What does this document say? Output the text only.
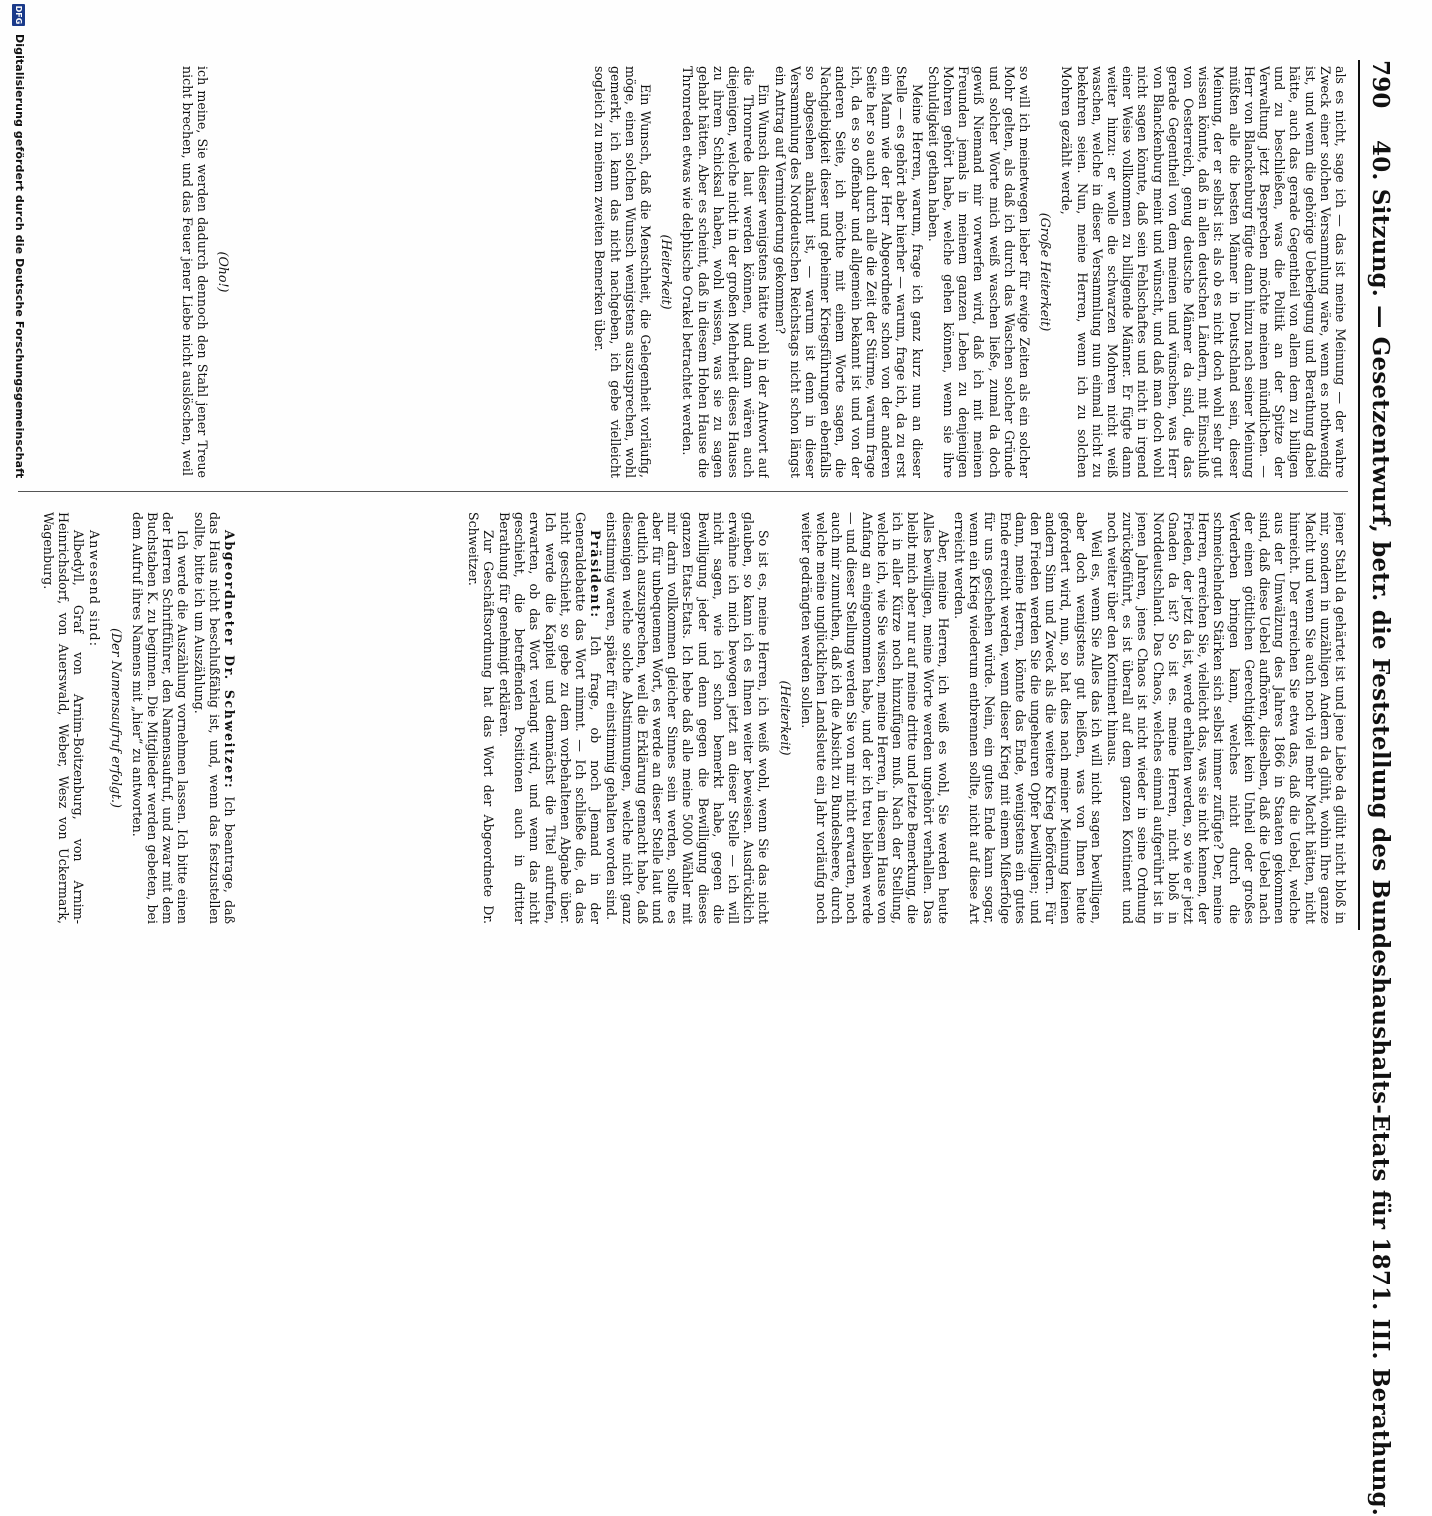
790
40. Sitzung. — Gesetzentwurf, betr. die Feststellung des Bundeshaushalts-Etats für 1871. III. Berathung.

als es nicht, sage ich — das ist meine Meinung — der wahre Zweck einer solchen Versammlung wäre, wenn es nothwendig ist, und wenn die gehörige Ueberlegung und Berathung dabei hätte, auch das gerade Gegentheil von allem dem zu billigen und zu beschließen, was die Politik an der Spitze der Verwaltung jetzt Besprechen möchte meinen mündlichen. — Herr von Blanckenburg fügte dann hinzu nach seiner Meinung müßten alle die besten Männer in Deutschland sein, dieser Meinung, der er selbst ist: als ob es nicht doch wohl sehr gut wissen könnte, daß in allen deutschen Ländern, mit Einschluß von Oesterreich, genug deutsche Männer da sind, die das gerade Gegentheil von dem meinen und wünschen, was Herr von Blanckenburg meint und wünscht, und daß man doch wohl nicht sagen könnte, daß sein Fehlschaftes und nicht in irgend einer Weise vollkommen zu billigende Männer. Er fügte dann weiter hinzu: er wolle die schwarzen Mohren nicht weiß waschen, welche in dieser Versammlung nun einmal nicht zu bekehren seien. Nun, meine Herren, wenn ich zu solchen Mohren gezählt werde,

(Große Heiterkeit)

so will ich meinetwegen lieber für ewige Zeiten als ein solcher Mohr gelten, als daß ich durch das Waschen solcher Gründe und solcher Worte mich weiß waschen ließe, zumal da doch gewiß Niemand mir vorwerfen wird, daß ich mit meinen Freunden jemals in meinem ganzen Leben zu denjenigen Mohren gehört habe, welche gehen können, wenn sie ihre Schuldigkeit gethan haben.

Meine Herren, warum, frage ich ganz kurz nun an dieser Stelle — es gehört aber hierher — warum, frage ich, da zu erst ein Mann wie der Herr Abgeordnete schon von der anderen Seite her so auch durch alle die Zeit der Stürme, warum frage ich, da es so offenbar und allgemein bekannt ist und von der anderen Seite, ich möchte mit einem Worte sagen, die Nachgiebigkeit dieser und geheimer Kriegsführungen ebenfalls so abgesehen ankannt ist, — warum ist denn in dieser Versammlung des Norddeutschen Reichstags nicht schon längst ein Antrag auf Verminderung gekommen?

Ein Wunsch dieser wenigstens hätte wohl in der Antwort auf die Thronrede laut werden können, und dann wären auch diejenigen, welche nicht in der großen Mehrheit dieses Hauses zu ihrem Schicksal haben, wohl wissen, was sie zu sagen gehabt hätten. Aber es scheint, daß in diesem Hohen Hause die Thronreden etwas wie delphische Orakel betrachtet werden.

(Heiterkeit)

Ein Wunsch, daß die Menschheit, die Gelegenheit vorläufig, möge, einen solchen Wunsch wenigstens auszusprechen, wohl gemerkt, ich kann das nicht nachgeben, ich gebe vielleicht sogleich zu meinem zweiten Bemerken über.

(Oho!)

ich meine, Sie werden dadurch dennoch den Stahl jener Treue nicht brechen, und das Feuer jener Liebe nicht auslöschen, weil

jener Stahl da gehärtet ist und jene Liebe da glüht nicht bloß in mir, sondern in unzähligen Andern da glüht, wohin Ihre ganze Macht und wenn Sie auch noch viel mehr Macht hätten, nicht hinreicht. Der erreichen Sie etwa das, daß die Uebel, welche aus der Umwälzung des Jahres 1866 in Staaten gekommen sind, daß diese Uebel aufhören, dieselben, daß die Uebel nach der einen göttlichen Gerechtigkeit kein Unheil oder großes Verderben bringen kann, welches nicht durch die schmeichelnden Stärken sich selbst immer zufügte? Der, meine Herren, erreichen Sie, vielleicht das, was sie nicht kennen, der Frieden, der jetzt da ist, werde erhalten werden, so wie er jetzt Gnaden da ist? So ist es. meine Herren, nicht bloß in Norddeutschland. Das Chaos, welches einmal aufgerührt ist in jenen Jahren, jenes Chaos ist nicht wieder in seine Ordnung zurückgeführt, es ist überall auf dem ganzen Kontinent und noch weiter über den Kontinent hinaus.

Weil es, wenn Sie Alles das ich will nicht sagen bewilligen, aber doch wenigstens gut heißen, was von Ihnen heute gefordert wird, nun, so hat dies nach meiner Meinung keinen andern Sinn und Zweck als die weitere Krieg befördern. Für den Frieden werden Sie die ungeheuren Opfer bewilligen; und dann, meine Herren, könnte das Ende, wenigstens ein gutes Ende erreicht werden, wenn dieser Krieg mit einem Mißerfolge für uns geschehen würde. Nein, ein gutes Ende kann sogar, wenn ein Krieg wiederum entbrennen sollte, nicht auf diese Art erreicht werden.

Aber, meine Herren, ich weiß es wohl, Sie werden heute Alles bewilligen, meine Worte werden ungehört verhallen. Das bleibt mich aber nur auf meine dritte und letzte Bemerkung, die ich in aller Kürze noch hinzufügen muß. Nach der Stellung, welche ich, wie Sie wissen, meine Herren, in diesem Hause von Anfang an eingenommen habe, und der ich treu bleiben werde — und dieser Stellung werden Sie von mir nicht erwarten, noch auch mir zumuthen, daß ich die Absicht zu Bundesheere, durch welche meine unglücklichen Landsleute ein Jahr vorläufig noch weiter gedrängten werden sollen.

(Heiterkeit)

So ist es, meine Herren, ich weiß wohl, wenn Sie das nicht glauben, so kann ich es Ihnen weiter beweisen. Ausdrücklich erwähne ich mich bewogen jetzt an dieser Stelle — ich will nicht sagen, wie ich schon bemerkt habe, gegen die Bewilligung jeder und denn gegen die Bewilligung dieses ganzen Etats-Etats. Ich hebe daß alle meine 5000 Wähler mit mir darin vollkommen gleicher Sinnes sein werden, sollte es aber für unbequemen Wort, es werde an dieser Stelle laut und deutlich auszusprechen, weil die Erklärung gemacht habe, daß diesenigen welche solche Abstimmungen, welche nicht ganz einstimmig waren, später für einstimmig gehalten worden sind.

Präsident: Ich frage, ob noch Jemand in der Generaldebatte das Wort nimmt. — Ich schließe die, da das nicht geschieht, so gebe zu dem vorbehaltenen Abgabe über. Ich werde die Kapitel und demnächst die Titel aufrufen, erwarten, ob das Wort verlangt wird, und wenn das nicht geschieht, die betreffenden Positionen auch in dritter Berathung für genehmigt erklären.

Zur Geschäftsordnung hat das Wort der Abgeordnete Dr. Schweitzer.

Abgeordneter Dr. Schweitzer: Ich beantrage, daß das Haus nicht beschlußfähig ist, und, wenn das festzustellen sollte, bitte ich um Auszählung.

Ich werde die Auszählung vornehmen lassen. Ich bitte einen der Herren Schriftführer, den Namensaufruf, und zwar mit dem Buchstaben K. zu beginnen. Die Mitglieder werden gebeten, bei dem Aufruf ihres Namens mit „hier“ zu antworten.

(Der Namensaufruf erfolgt.)

Anwesend sind:

Albedyll, Graf von Arnim-Boitzenburg, von Arnim-Heinrichsdorf, von Auerswald, Weber, Wesz von Uckermark, Wagenburg.

DFG
Digitalisierung gefördert durch die Deutsche Forschungsgemeinschaft
